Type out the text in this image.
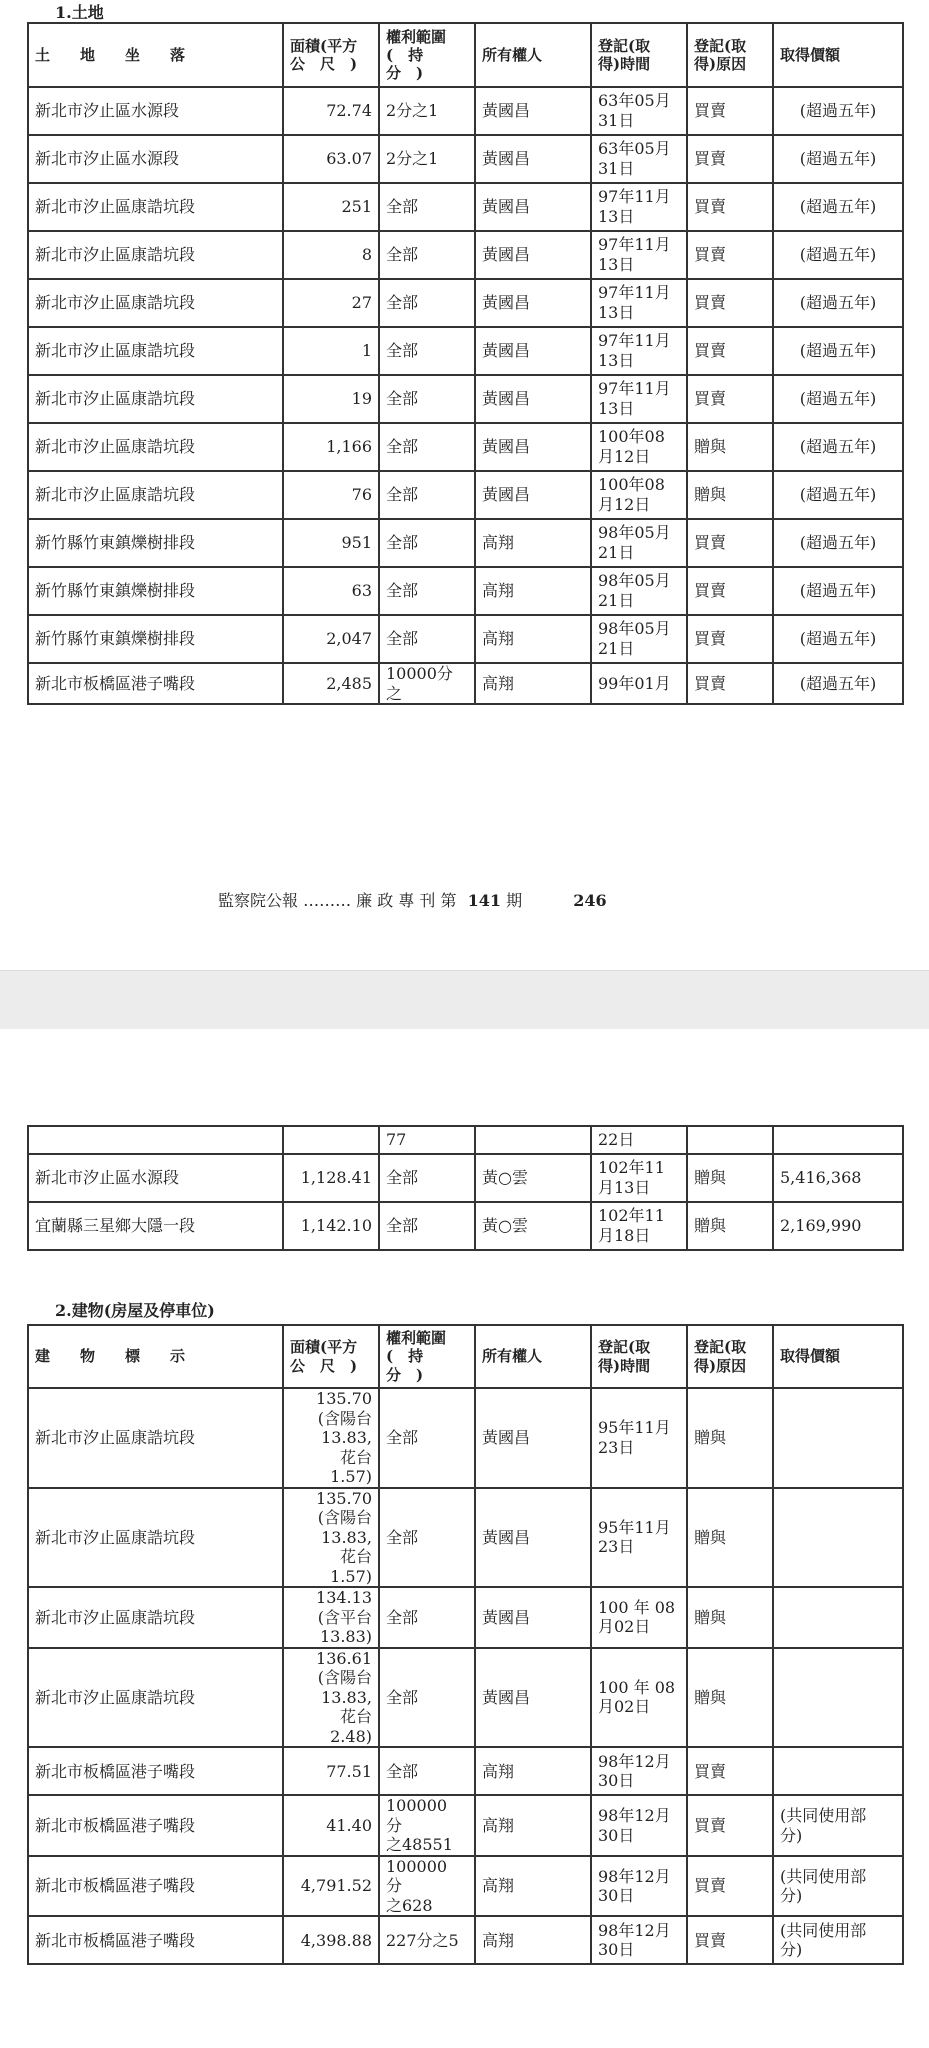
1.土地
土　　地　　坐　　落	面積(平方
公　尺　)	權利範圍
(　持　分　)	所有權人	登記(取
得)時間	登記(取
得)原因	取得價額
新北市汐止區水源段	72.74	2分之1	黃國昌	63年05月
31日	買賣	(超過五年)
新北市汐止區水源段	63.07	2分之1	黃國昌	63年05月
31日	買賣	(超過五年)
新北市汐止區康誥坑段	251	全部	黃國昌	97年11月
13日	買賣	(超過五年)
新北市汐止區康誥坑段	8	全部	黃國昌	97年11月
13日	買賣	(超過五年)
新北市汐止區康誥坑段	27	全部	黃國昌	97年11月
13日	買賣	(超過五年)
新北市汐止區康誥坑段	1	全部	黃國昌	97年11月
13日	買賣	(超過五年)
新北市汐止區康誥坑段	19	全部	黃國昌	97年11月
13日	買賣	(超過五年)
新北市汐止區康誥坑段	1,166	全部	黃國昌	100年08
月12日	贈與	(超過五年)
新北市汐止區康誥坑段	76	全部	黃國昌	100年08
月12日	贈與	(超過五年)
新竹縣竹東鎮爍樹排段	951	全部	高翔	98年05月
21日	買賣	(超過五年)
新竹縣竹東鎮爍樹排段	63	全部	高翔	98年05月
21日	買賣	(超過五年)
新竹縣竹東鎮爍樹排段	2,047	全部	高翔	98年05月
21日	買賣	(超過五年)
新北市板橋區港子嘴段	2,485	10000分之	高翔	99年01月	買賣	(超過五年)
監察院公報 ……… 廉 政 專 刊 第 141 期	246
		77		22日		
新北市汐止區水源段	1,128.41	全部	黃○雲	102年11
月13日	贈與	5,416,368
宜蘭縣三星鄉大隱一段	1,142.10	全部	黃○雲	102年11
月18日	贈與	2,169,990
2.建物(房屋及停車位)
建　　物　　標　　示	面積(平方
公　尺　)	權利範圍
(　持　分　)	所有權人	登記(取
得)時間	登記(取
得)原因	取得價額
新北市汐止區康誥坑段	135.70
(含陽台
13.83,
花台
1.57)	全部	黃國昌	95年11月
23日	贈與	
新北市汐止區康誥坑段	135.70
(含陽台
13.83,
花台
1.57)	全部	黃國昌	95年11月
23日	贈與	
新北市汐止區康誥坑段	134.13
(含平台
13.83)	全部	黃國昌	100 年 08
月02日	贈與	
新北市汐止區康誥坑段	136.61
(含陽台
13.83,
花台
2.48)	全部	黃國昌	100 年 08
月02日	贈與	
新北市板橋區港子嘴段	77.51	全部	高翔	98年12月
30日	買賣	
新北市板橋區港子嘴段	41.40	100000 分
之48551	高翔	98年12月
30日	買賣	(共同使用部
分)
新北市板橋區港子嘴段	4,791.52	100000 分
之628	高翔	98年12月
30日	買賣	(共同使用部
分)
新北市板橋區港子嘴段	4,398.88	227分之5	高翔	98年12月
30日	買賣	(共同使用部
分)
